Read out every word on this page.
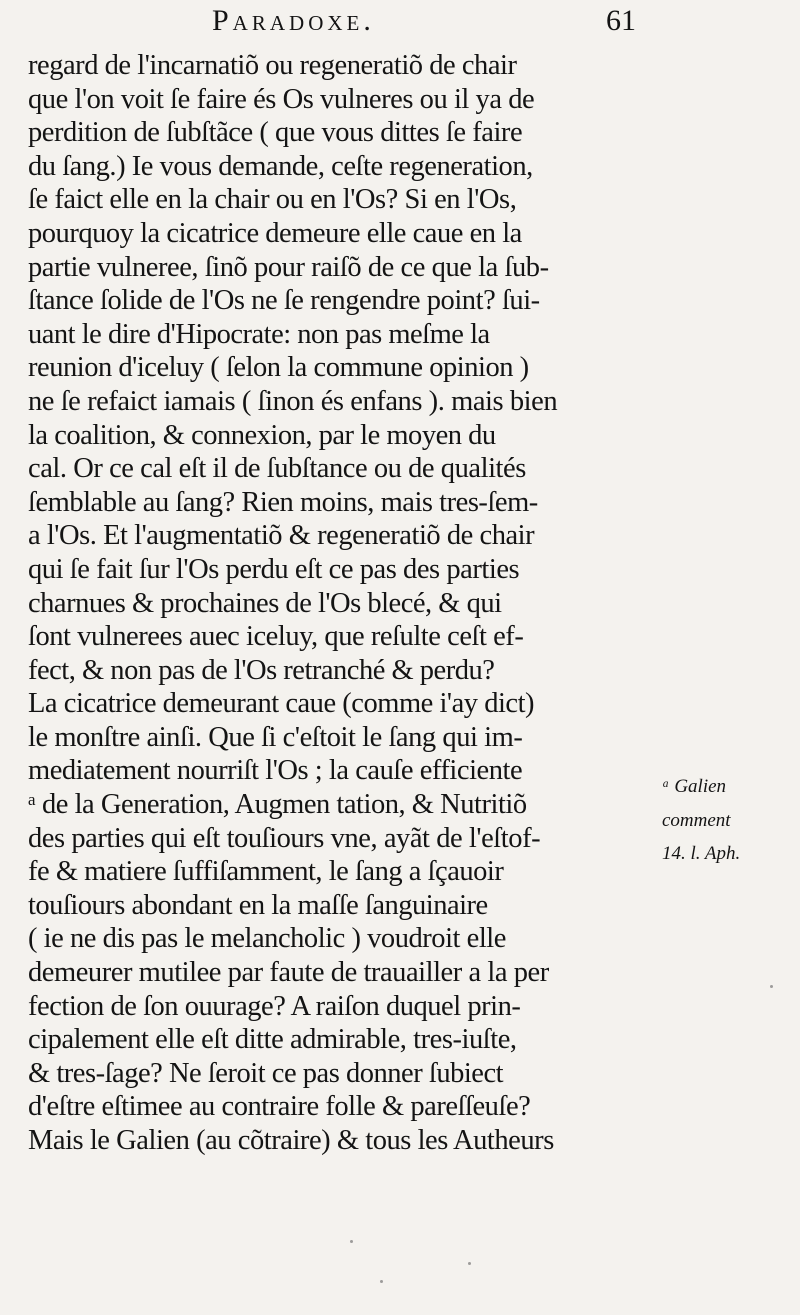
Paradoxe.	61
regard de l'incarnatiõ ou regeneratiõ de chair
que l'on voit ſe faire és Os vulneres ou il ya de
perdition de ſubſtãce ( que vous dittes ſe faire
du ſang.) Ie vous demande, ceſte regeneration,
ſe faict elle en la chair ou en l'Os? Si en l'Os,
pourquoy la cicatrice demeure elle caue en la
partie vulneree, ſinõ pour raiſõ de ce que la ſub-
ſtance ſolide de l'Os ne ſe rengendre point? ſui-
uant le dire d'Hipocrate: non pas meſme la
reunion d'iceluy ( ſelon la commune opinion )
ne ſe refaict iamais ( ſinon és enfans ). mais bien
la coalition, & connexion, par le moyen du
cal. Or ce cal eſt il de ſubſtance ou de qualités
ſemblable au ſang? Rien moins, mais tres-ſem-
a l'Os. Et l'augmentatiõ & regeneratiõ de chair
qui ſe fait ſur l'Os perdu eſt ce pas des parties
charnues & prochaines de l'Os blecé, & qui
ſont vulnerees auec iceluy, que reſulte ceſt ef-
fect, & non pas de l'Os retranché & perdu?
La cicatrice demeurant caue (comme i'ay dict)
le monſtre ainſi. Que ſi c'eſtoit le ſang qui im-
mediatement nourriſt l'Os ; la cauſe efficiente
ᵃ de la Generation, Augmen tation, & Nutritiõ
des parties qui eſt touſiours vne, ayãt de l'eſtof-
fe & matiere ſuffiſamment, le ſang a ſçauoir
touſiours abondant en la maſſe ſanguinaire
( ie ne dis pas le melancholic ) voudroit elle
demeurer mutilee par faute de trauailler a la per
fection de ſon ouurage? A raiſon duquel prin-
cipalement elle eſt ditte admirable, tres-iuſte,
& tres-ſage? Ne ſeroit ce pas donner ſubiect
d'eſtre eſtimee au contraire folle & pareſſeuſe?
Mais le Galien (au cõtraire) & tous les Autheurs
ᵃ Galien
comment
14. l. Aph.
